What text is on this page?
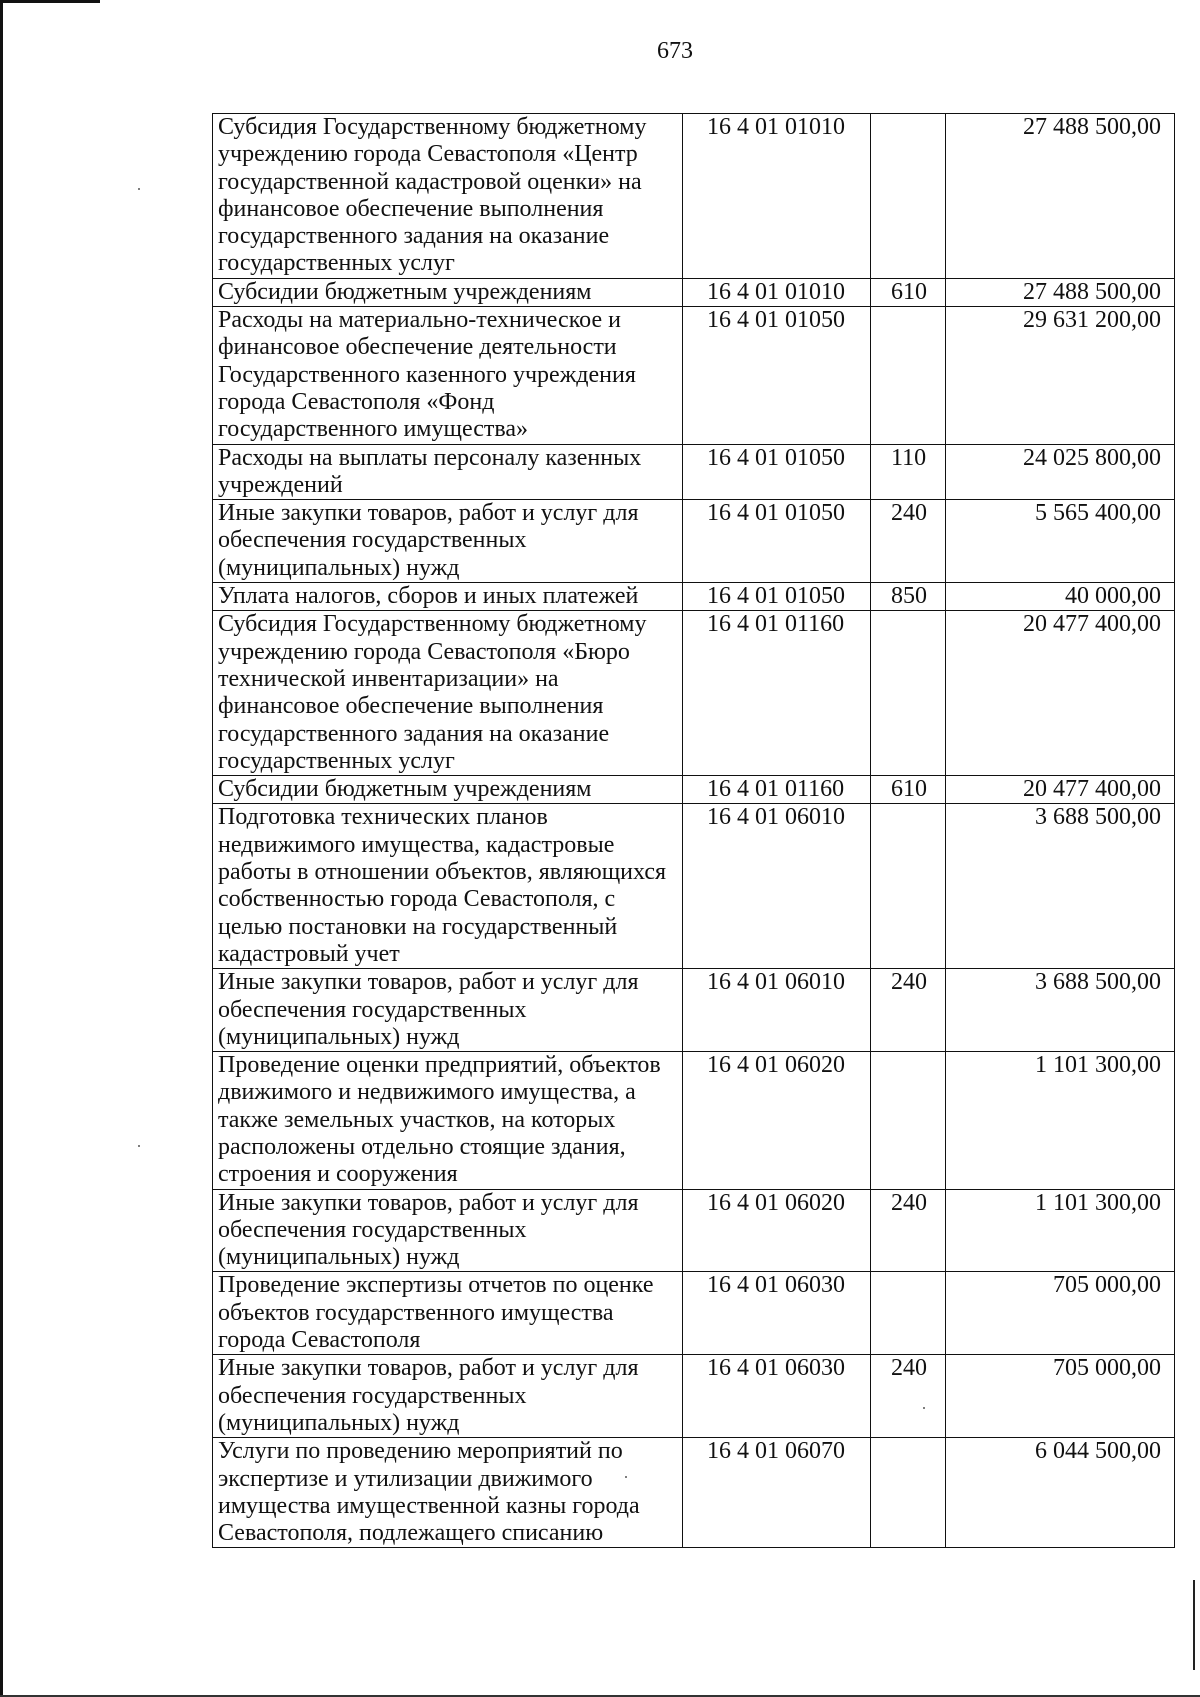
673
Субсидия Государственному бюджетному учреждению города Севастополя «Центр государственной кадастровой оценки» на финансовое обеспечение выполнения государственного задания на оказание государственных услуг	16 4 01 01010		27 488 500,00
Субсидии бюджетным учреждениям	16 4 01 01010	610	27 488 500,00
Расходы на материально-техническое и финансовое обеспечение деятельности Государственного казенного учреждения города Севастополя «Фонд государственного имущества»	16 4 01 01050		29 631 200,00
Расходы на выплаты персоналу казенных учреждений	16 4 01 01050	110	24 025 800,00
Иные закупки товаров, работ и услуг для обеспечения государственных (муниципальных) нужд	16 4 01 01050	240	5 565 400,00
Уплата налогов, сборов и иных платежей	16 4 01 01050	850	40 000,00
Субсидия Государственному бюджетному учреждению города Севастополя «Бюро технической инвентаризации» на финансовое обеспечение выполнения государственного задания на оказание государственных услуг	16 4 01 01160		20 477 400,00
Субсидии бюджетным учреждениям	16 4 01 01160	610	20 477 400,00
Подготовка технических планов недвижимого имущества, кадастровые работы в отношении объектов, являющихся собственностью города Севастополя, с целью постановки на государственный кадастровый учет	16 4 01 06010		3 688 500,00
Иные закупки товаров, работ и услуг для обеспечения государственных (муниципальных) нужд	16 4 01 06010	240	3 688 500,00
Проведение оценки предприятий, объектов движимого и недвижимого имущества, а также земельных участков, на которых расположены отдельно стоящие здания, строения и сооружения	16 4 01 06020		1 101 300,00
Иные закупки товаров, работ и услуг для обеспечения государственных (муниципальных) нужд	16 4 01 06020	240	1 101 300,00
Проведение экспертизы отчетов по оценке объектов государственного имущества города Севастополя	16 4 01 06030		705 000,00
Иные закупки товаров, работ и услуг для обеспечения государственных (муниципальных) нужд	16 4 01 06030	240	705 000,00
Услуги по проведению мероприятий по экспертизе и утилизации движимого имущества имущественной казны города Севастополя, подлежащего списанию	16 4 01 06070		6 044 500,00
